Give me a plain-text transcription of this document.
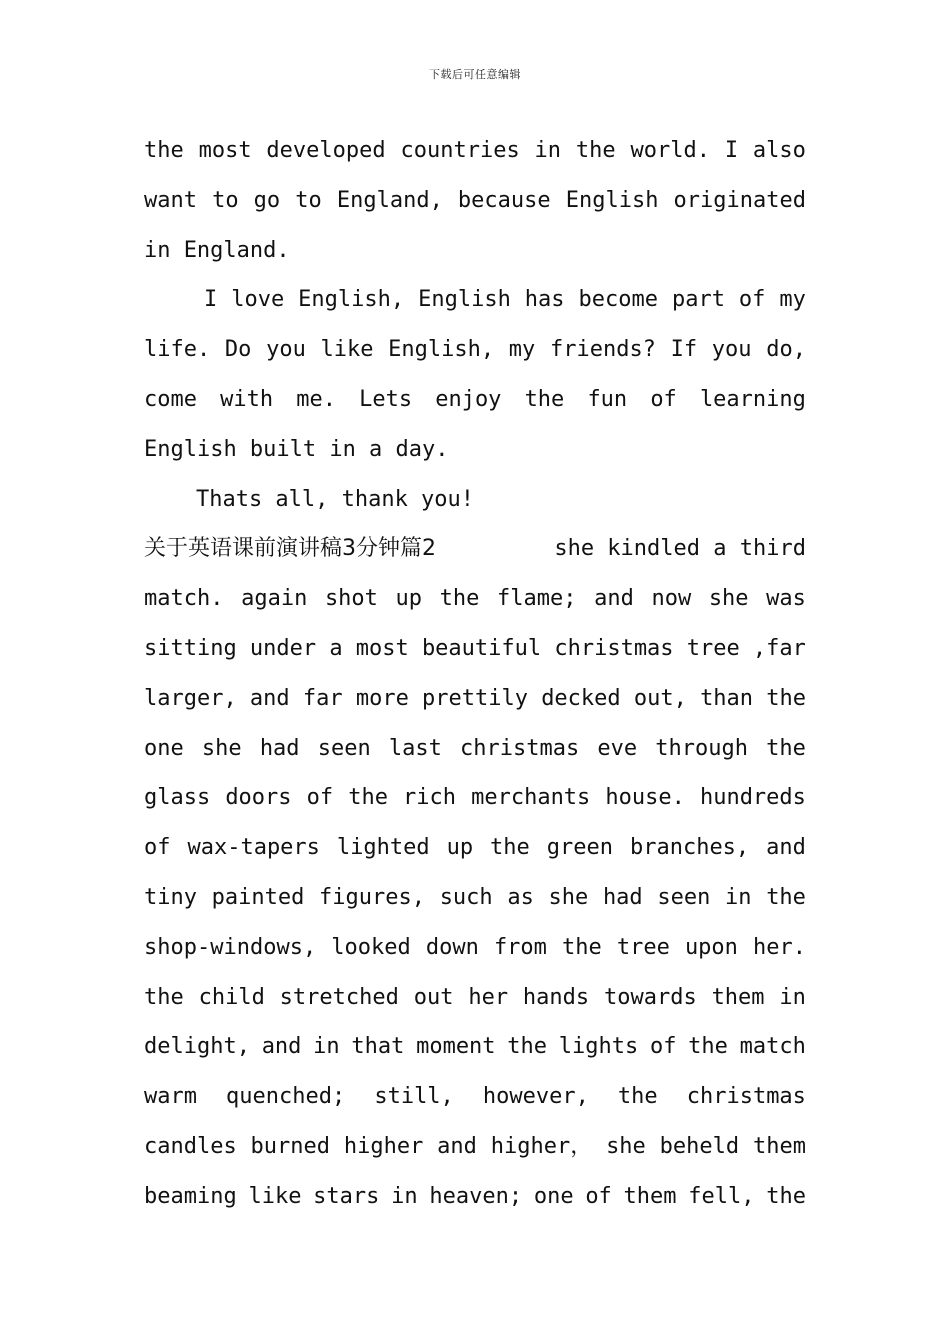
下载后可任意编辑
the most developed countries in the world. I also
want to go to England, because English originated
in England.
I love English, English has become part of my
life. Do you like English, my friends? If you do,
come with me. Lets enjoy the fun of learning
English built in a day.
Thats all, thank you!
关于英语课前演讲稿3分钟篇2	she kindled a third
match. again shot up the flame; and now she was
sitting under a most beautiful christmas tree ,far
larger, and far more prettily decked out, than the
one she had seen last christmas eve through the
glass doors of the rich merchants house. hundreds
of wax-tapers lighted up the green branches, and
tiny painted figures, such as she had seen in the
shop-windows, looked down from the tree upon her.
the child stretched out her hands towards them in
delight, and in that moment the lights of the match
warm quenched; still, however, the christmas
candles burned higher and higher， she beheld them
beaming like stars in heaven; one of them fell, the
